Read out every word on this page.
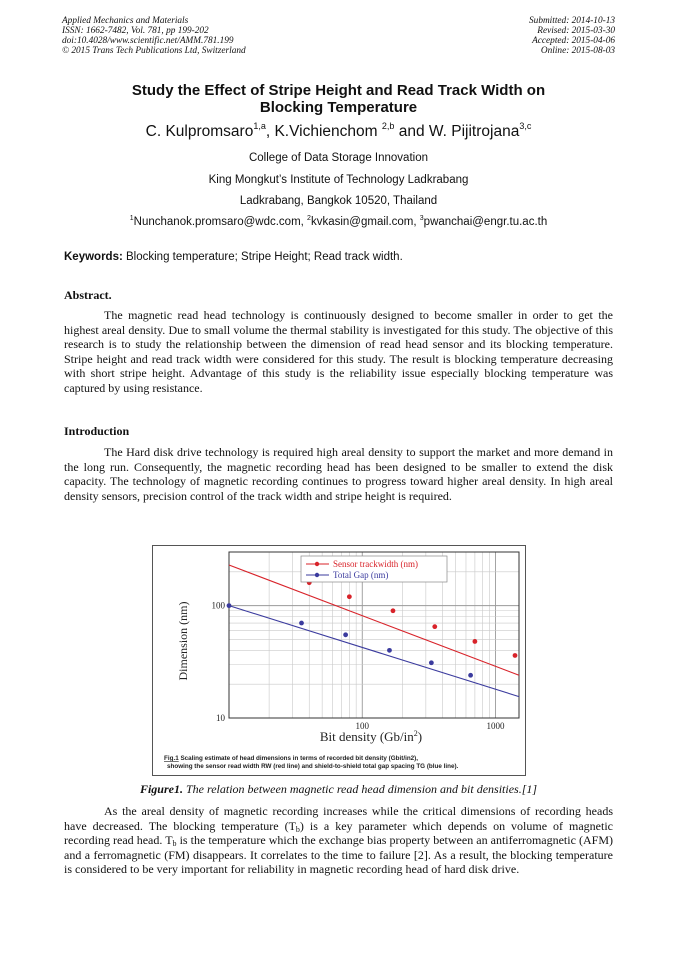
Applied Mechanics and Materials
ISSN: 1662-7482, Vol. 781, pp 199-202
doi:10.4028/www.scientific.net/AMM.781.199
© 2015 Trans Tech Publications Ltd, Switzerland
Submitted: 2014-10-13
Revised: 2015-03-30
Accepted: 2015-04-06
Online: 2015-08-03
Study the Effect of Stripe Height and Read Track Width on
Blocking Temperature
C. Kulpromsaro$^{1,a}$, K.Vichienchom $^{2,b}$ and W. Pijitrojana$^{3,c}$
College of Data Storage Innovation
King Mongkut’s Institute of Technology Ladkrabang
Ladkrabang, Bangkok 10520, Thailand
$^1$Nunchanok.promsaro@wdc.com, $^2$kvkasin@gmail.com, $^3$pwanchai@engr.tu.ac.th
Keywords: Blocking temperature; Stripe Height; Read track width.
Abstract.

The magnetic read head technology is continuously designed to become smaller in order to get the highest areal density. Due to small volume the thermal stability is investigated for this study. The objective of this research is to study the relationship between the dimension of read head sensor and its blocking temperature. Stripe height and read track width were considered for this study. The result is blocking temperature decreasing with short stripe height. Advantage of this study is the reliability issue especially blocking temperature was captured by using resistance.

Introduction

The Hard disk drive technology is required high areal density to support the market and more demand in the long run. Consequently, the magnetic recording head has been designed to be smaller to extend the disk capacity. The technology of magnetic recording continues to progress toward higher areal density. In high areal density sensors, precision control of the track width and stripe height is required.

100	1000
10
100
Dimension (nm)
Bit density $(Gb/in^2)$
Sensor trackwidth (nm)
Total Gap (nm)
Fig.1 Scaling estimate of head dimensions in terms of recorded bit density (Gbit/in2),
showing the sensor read width RW (red line) and shield-to-shield total gap spacing TG (blue line).
Figure1. The relation between magnetic read head dimension and bit densities.[1]

As the areal density of magnetic recording increases while the critical dimensions of recording heads have decreased. The blocking temperature $(T_b)$ is a key parameter which depends on volume of magnetic recording read head. $T_b$ is the temperature which the exchange bias property between an antiferromagnetic (AFM) and a ferromagnetic (FM) disappears. It correlates to the time to failure [2]. As a result, the blocking temperature is considered to be very important for reliability in magnetic recording head of hard disk drive.
